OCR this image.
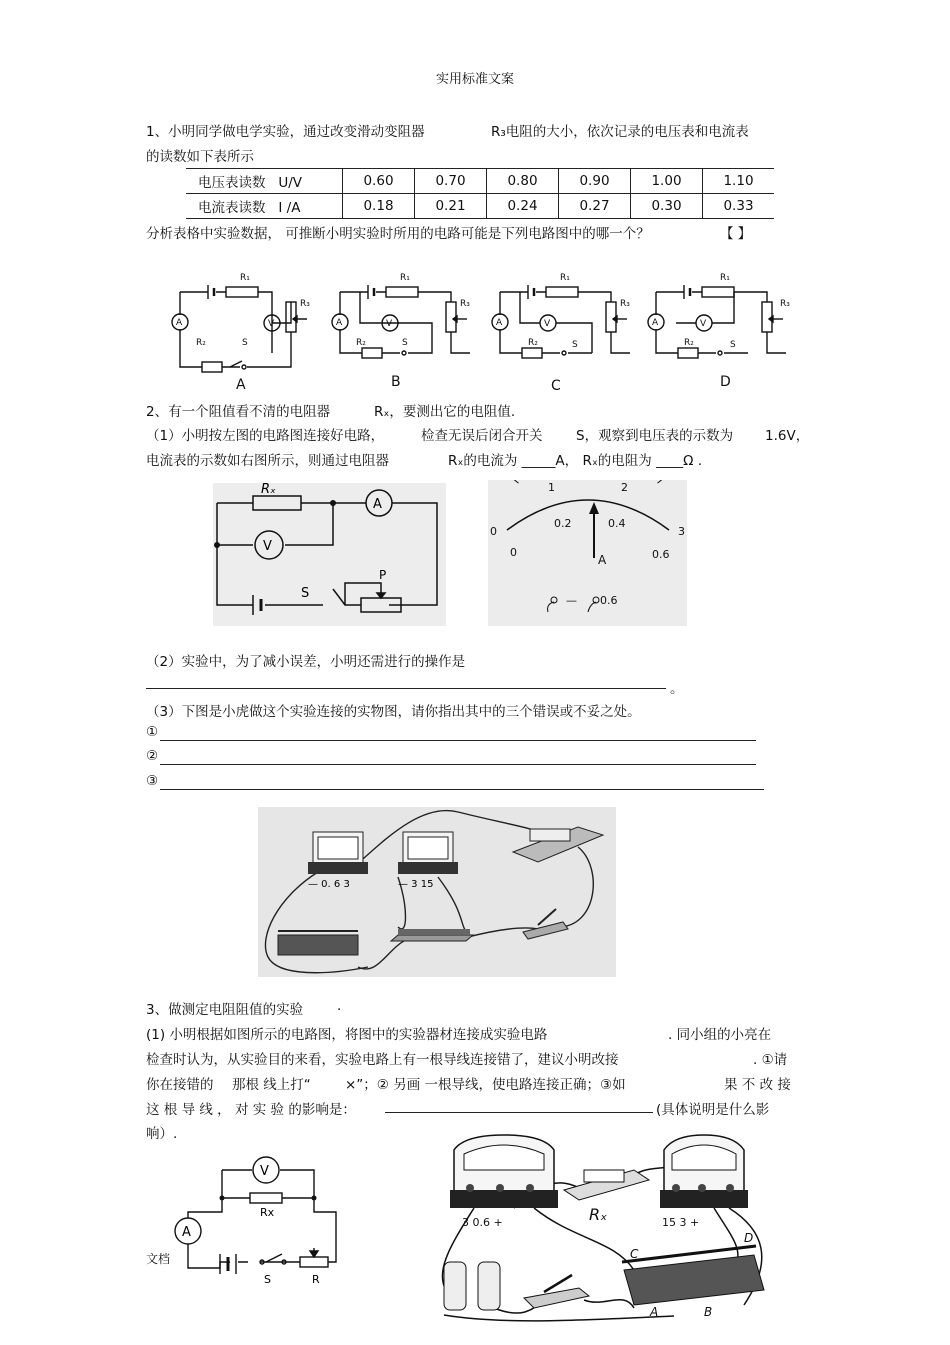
实用标准文案
1、小明同学做电学实验，通过改变滑动变阻器	R₃电阻的大小，依次记录的电压表和电流表
的读数如下表所示
电压表读数 U/V	0.60	0.70	0.80	0.90	1.00	1.10
电流表读数 I /A	0.18	0.21	0.24	0.27	0.30	0.33
分析表格中实验数据， 可推断小明实验时所用的电路可能是下列电路图中的哪一个？	【 】
A	V
R₁
R₃
R₂	S
A	V
R₁
R₃
R₂	S
A	V
R₁
R₃
R₂	S
A	V
R₁
R₃
R₂	S
A	B	C	D
2、有一个阻值看不清的电阻器	Rₓ，要测出它的电阻值.
（1）小明按左图的电路图连接好电路，	检查无误后闭合开关 S，观察到电压表的示数为 1.6V，
电流表的示数如右图所示，则通过电阻器	Rₓ的电流为 _____A， Rₓ的电阻为 ____Ω .
Rₓ
A
V
S
P
0
1	2
3
0
0.2	0.4
0.6
A
— 0.6
（2）实验中，为了减小误差，小明还需进行的操作是
。
（3）下图是小虎做这个实验连接的实物图，请你指出其中的三个错误或不妥之处。
①
②
③
— 0. 6 3	— 3 15
3、做测定电阻阻值的实验	.
(1) 小明根据如图所示的电路图，将图中的实验器材连接成实验电路	. 同小组的小亮在
检查时认为，从实验目的来看，实验电路上有一根导线连接错了，建议小明改接	. ①请
你在接错的 那根 线上打“	×”；② 另画 一根导线，使电路连接正确；③如	果 不 改 接
这 根 导 线 ， 对 实 验 的影响是：	(具体说明是什么影
响）.
V
A
Rx
S	R
文档
3 0.6 +	15 3 +
Rₓ
C
D
A	B
